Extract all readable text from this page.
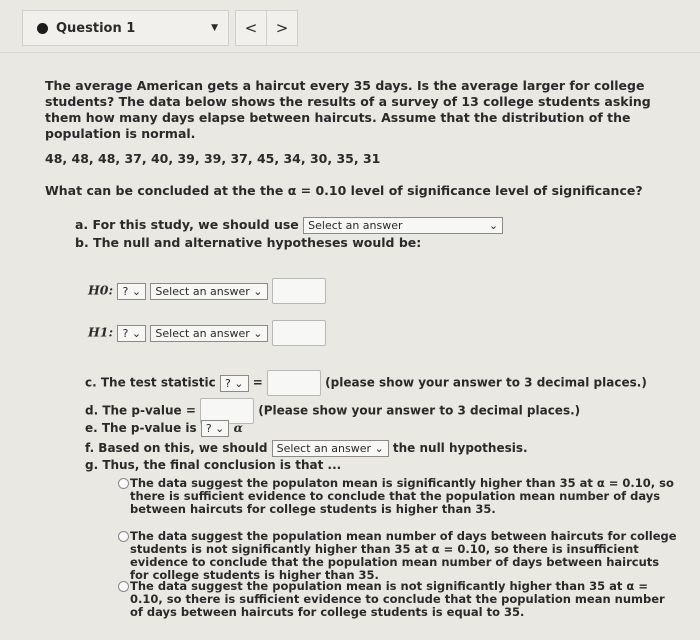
Question 1	▼	<	>
The average American gets a haircut every 35 days. Is the average larger for college students? The data below shows the results of a survey of 13 college students asking them how many days elapse between haircuts. Assume that the distribution of the population is normal.
48, 48, 48, 37, 40, 39, 39, 37, 45, 34, 30, 35, 31
What can be concluded at the the α = 0.10 level of significance level of significance?
a. For this study, we should use Select an answer	⌄
b. The null and alternative hypotheses would be:
H0: ? ⌄ Select an answer ⌄
H1: ? ⌄ Select an answer ⌄
c. The test statistic ? ⌄ =	(please show your answer to 3 decimal places.)
d. The p-value =	(Please show your answer to 3 decimal places.)
e. The p-value is ? ⌄ α
f. Based on this, we should Select an answer ⌄ the null hypothesis.
g. Thus, the final conclusion is that ...
The data suggest the populaton mean is significantly higher than 35 at α = 0.10, so there is sufficient evidence to conclude that the population mean number of days between haircuts for college students is higher than 35.
The data suggest the population mean number of days between haircuts for college students is not significantly higher than 35 at α = 0.10, so there is insufficient evidence to conclude that the population mean number of days between haircuts for college students is higher than 35.
The data suggest the population mean is not significantly higher than 35 at α = 0.10, so there is sufficient evidence to conclude that the population mean number of days between haircuts for college students is equal to 35.
